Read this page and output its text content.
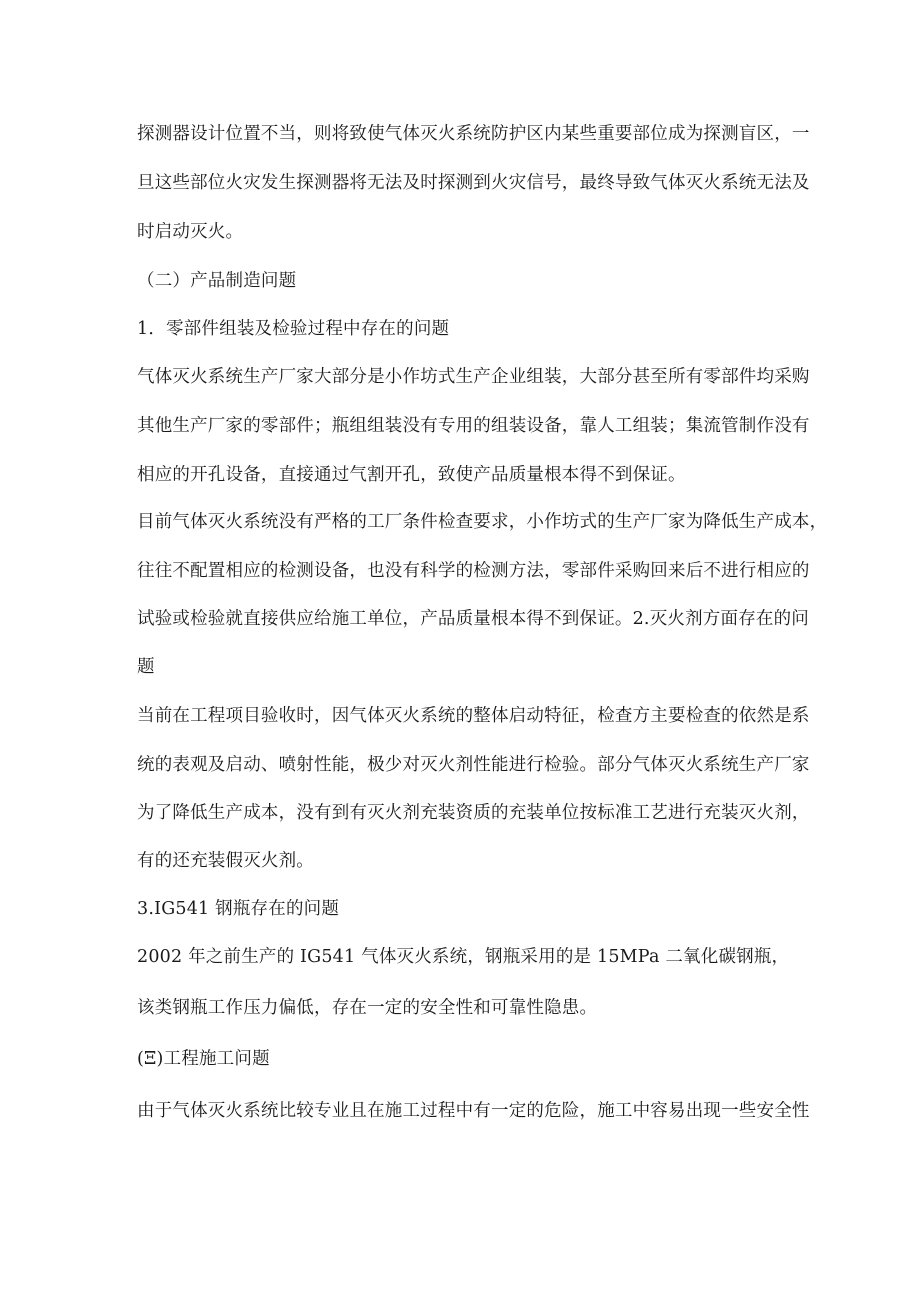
探测器设计位置不当，则将致使气体灭火系统防护区内某些重要部位成为探测盲区，一
旦这些部位火灾发生探测器将无法及时探测到火灾信号，最终导致气体灭火系统无法及
时启动灭火。
（二）产品制造问题
1．零部件组装及检验过程中存在的问题
气体灭火系统生产厂家大部分是小作坊式生产企业组装，大部分甚至所有零部件均采购
其他生产厂家的零部件；瓶组组装没有专用的组装设备，靠人工组装；集流管制作没有
相应的开孔设备，直接通过气割开孔，致使产品质量根本得不到保证。
目前气体灭火系统没有严格的工厂条件检查要求，小作坊式的生产厂家为降低生产成本，
往往不配置相应的检测设备，也没有科学的检测方法，零部件采购回来后不进行相应的
试验或检验就直接供应给施工单位，产品质量根本得不到保证。2.灭火剂方面存在的问
题
当前在工程项目验收时，因气体灭火系统的整体启动特征，检查方主要检查的依然是系
统的表观及启动、喷射性能，极少对灭火剂性能进行检验。部分气体灭火系统生产厂家
为了降低生产成本，没有到有灭火剂充装资质的充装单位按标准工艺进行充装灭火剂，
有的还充装假灭火剂。
3.IG541 钢瓶存在的问题
2002 年之前生产的 IG541 气体灭火系统，钢瓶采用的是 15MPa 二氧化碳钢瓶，
该类钢瓶工作压力偏低，存在一定的安全性和可靠性隐患。
(Ξ)工程施工问题
由于气体灭火系统比较专业且在施工过程中有一定的危险，施工中容易出现一些安全性
